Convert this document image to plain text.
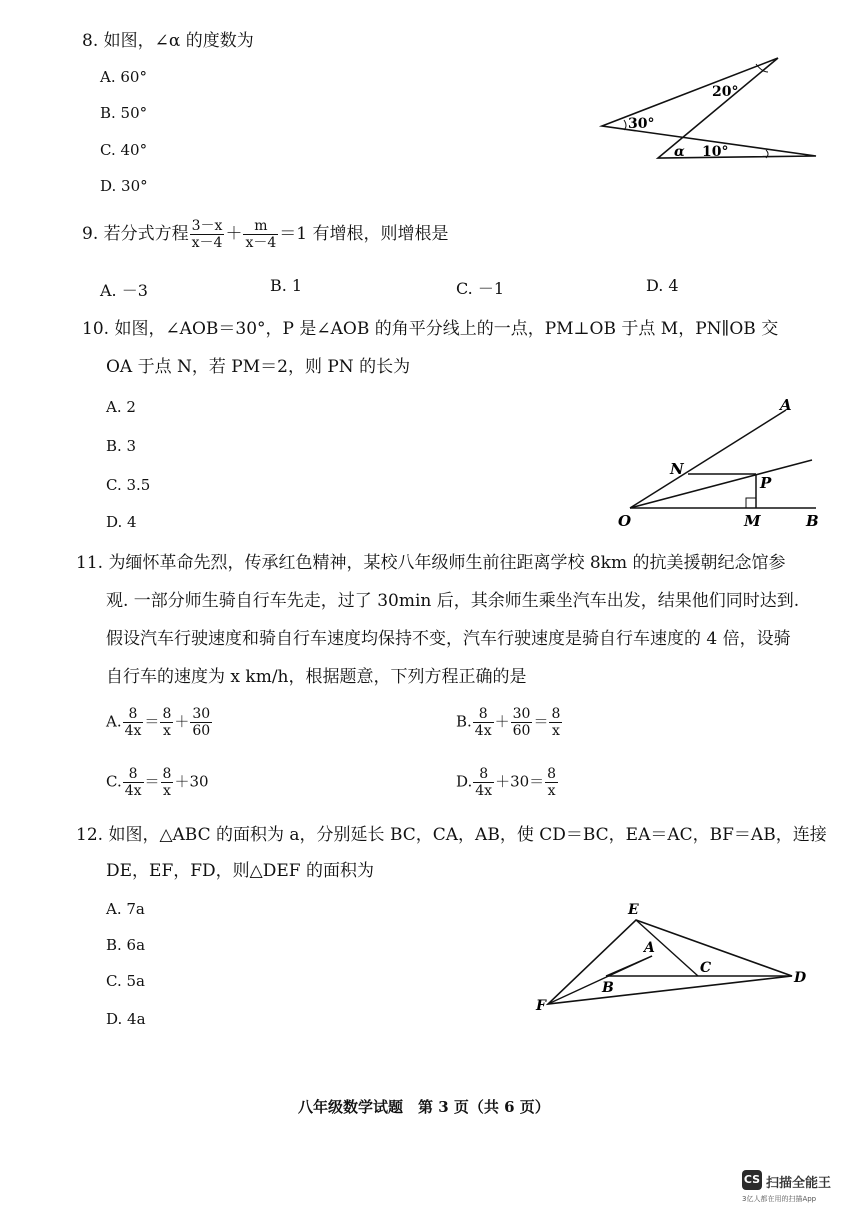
8. 如图，∠α 的度数为
A. 60°
B. 50°
C. 40°
D. 30°
20°
30°
α 10°
9. 若分式方程 $\frac{3-x}{x-4} + \frac{m}{x-4} =1$ 有增根，则增根是
A. －3	B. 1	C. －1	D. 4
10. 如图，∠AOB＝30°，P 是∠AOB 的角平分线上的一点，PM⊥OB 于点 M，PN∥OB 交
OA 于点 N，若 PM＝2，则 PN 的长为
A. 2
B. 3
C. 3.5
D. 4
A
N
P
O	M	B
11. 为缅怀革命先烈，传承红色精神，某校八年级师生前往距离学校 8km 的抗美援朝纪念馆参
观. 一部分师生骑自行车先走，过了 30min 后，其余师生乘坐汽车出发，结果他们同时达到.
假设汽车行驶速度和骑自行车速度均保持不变，汽车行驶速度是骑自行车速度的 4 倍，设骑
自行车的速度为 x km/h，根据题意，下列方程正确的是
A. $\frac{8}{4x} = \frac{8}{x} + \frac{30}{60}$	B. $\frac{8}{4x} + \frac{30}{60} = \frac{8}{x}$
C. $\frac{8}{4x} = \frac{8}{x} +30$	D. $\frac{8}{4x} +30= \frac{8}{x}$
12. 如图，△ABC 的面积为 a，分别延长 BC，CA，AB，使 CD＝BC，EA＝AC，BF＝AB，连接
DE，EF，FD，则△DEF 的面积为
A. 7a
B. 6a
C. 5a
D. 4a
E
A
C
B
D
F
八年级数学试题　第 3 页（共 6 页）
CS 扫描全能王
3亿人都在用的扫描App
